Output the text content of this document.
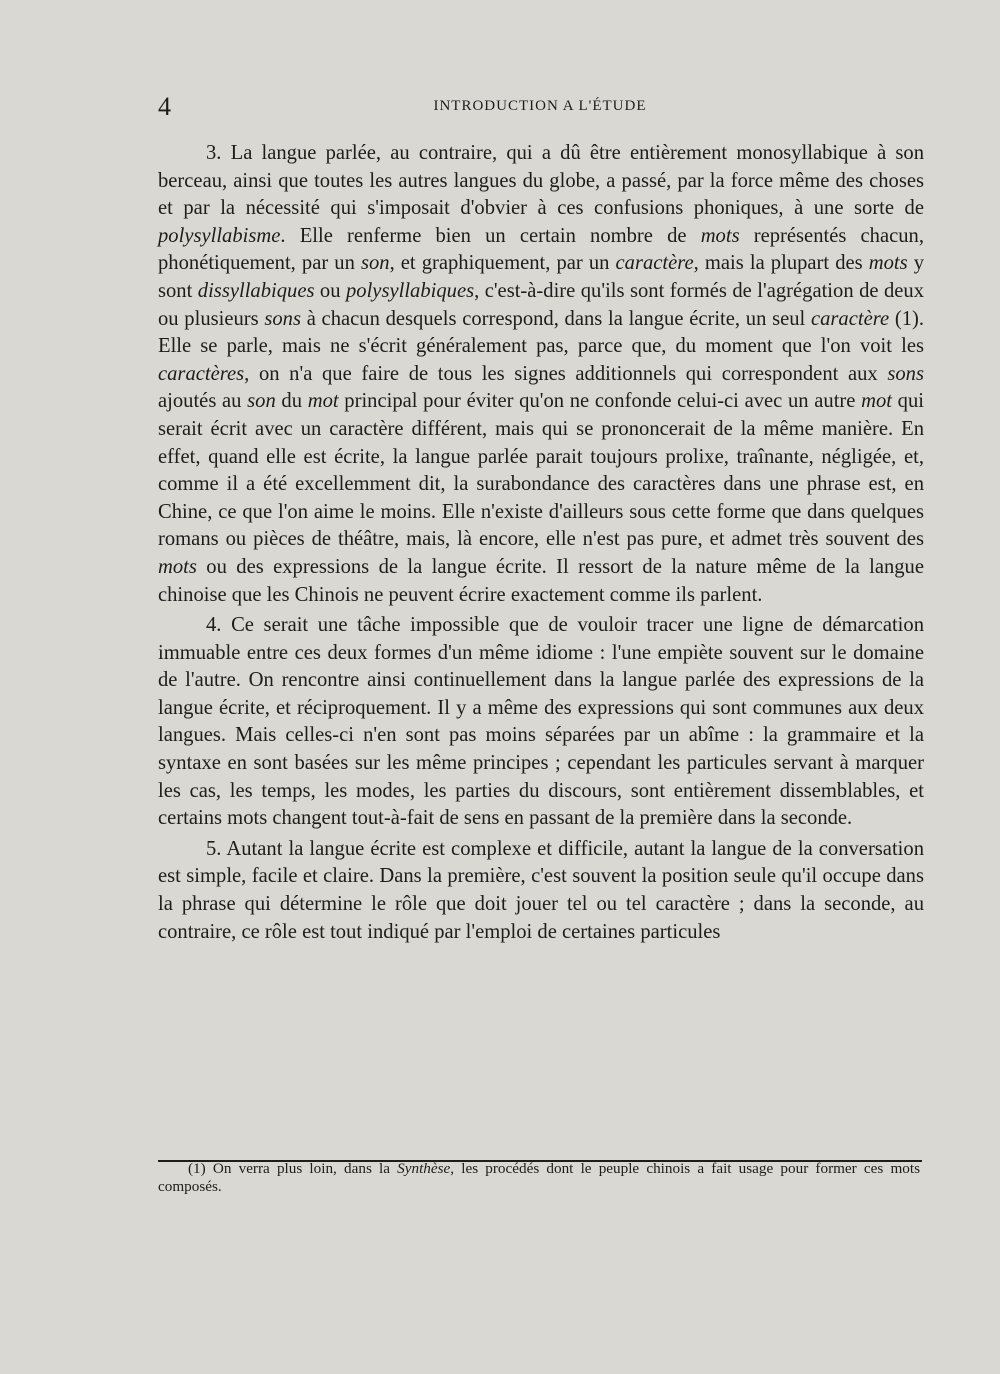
4	INTRODUCTION A L'ÉTUDE

3. La langue parlée, au contraire, qui a dû être entièrement monosyllabique à son berceau, ainsi que toutes les autres langues du globe, a passé, par la force même des choses et par la nécessité qui s'imposait d'obvier à ces confusions phoniques, à une sorte de polysyllabisme. Elle renferme bien un certain nombre de mots représentés chacun, phonétiquement, par un son, et graphiquement, par un caractère, mais la plupart des mots y sont dissyllabiques ou polysyllabiques, c'est-à-dire qu'ils sont formés de l'agrégation de deux ou plusieurs sons à chacun desquels correspond, dans la langue écrite, un seul caractère (1). Elle se parle, mais ne s'écrit généralement pas, parce que, du moment que l'on voit les caractères, on n'a que faire de tous les signes additionnels qui correspondent aux sons ajoutés au son du mot principal pour éviter qu'on ne confonde celui-ci avec un autre mot qui serait écrit avec un caractère différent, mais qui se prononcerait de la même manière. En effet, quand elle est écrite, la langue parlée parait toujours prolixe, traînante, négligée, et, comme il a été excellemment dit, la surabondance des caractères dans une phrase est, en Chine, ce que l'on aime le moins. Elle n'existe d'ailleurs sous cette forme que dans quelques romans ou pièces de théâtre, mais, là encore, elle n'est pas pure, et admet très souvent des mots ou des expressions de la langue écrite. Il ressort de la nature même de la langue chinoise que les Chinois ne peuvent écrire exactement comme ils parlent.

4. Ce serait une tâche impossible que de vouloir tracer une ligne de démarcation immuable entre ces deux formes d'un même idiome : l'une empiète souvent sur le domaine de l'autre. On rencontre ainsi continuellement dans la langue parlée des expressions de la langue écrite, et réciproquement. Il y a même des expressions qui sont communes aux deux langues. Mais celles-ci n'en sont pas moins séparées par un abîme : la grammaire et la syntaxe en sont basées sur les même principes ; cependant les particules servant à marquer les cas, les temps, les modes, les parties du discours, sont entièrement dissemblables, et certains mots changent tout-à-fait de sens en passant de la première dans la seconde.

5. Autant la langue écrite est complexe et difficile, autant la langue de la conversation est simple, facile et claire. Dans la première, c'est souvent la position seule qu'il occupe dans la phrase qui détermine le rôle que doit jouer tel ou tel caractère ; dans la seconde, au contraire, ce rôle est tout indiqué par l'emploi de certaines particules

(1) On verra plus loin, dans la Synthèse, les procédés dont le peuple chinois a fait usage pour former ces mots composés.
